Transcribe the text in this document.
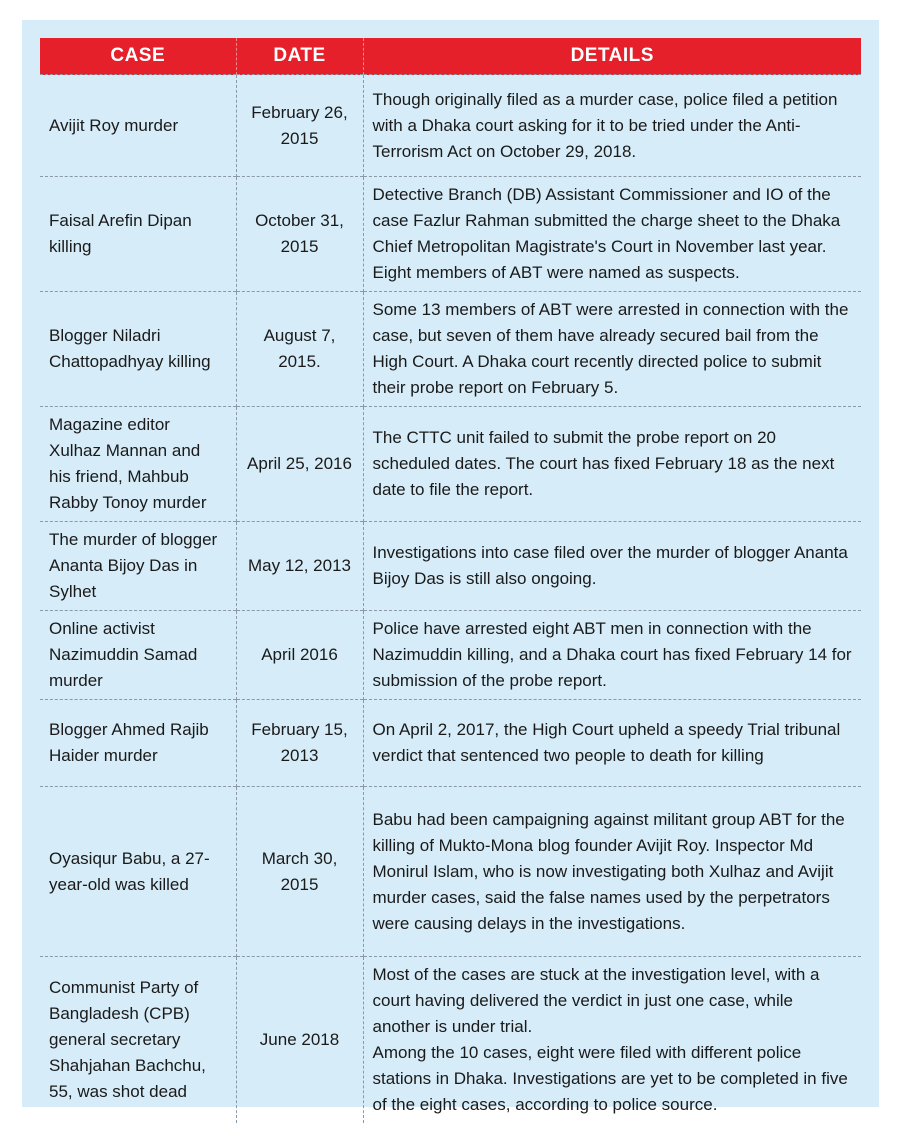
CASE	DATE	DETAILS
Avijit Roy murder	February 26, 2015	Though originally filed as a murder case, police filed a petition with a Dhaka court asking for it to be tried under the Anti-Terrorism Act on October 29, 2018.
Faisal Arefin Dipan killing	October 31, 2015	Detective Branch (DB) Assistant Commissioner and IO of the case Fazlur Rahman submitted the charge sheet to the Dhaka Chief Metropolitan Magistrate's Court in November last year. Eight members of ABT were named as suspects.
Blogger Niladri Chattopadhyay killing	August 7, 2015.	Some 13 members of ABT were arrested in connection with the case, but seven of them have already secured bail from the High Court. A Dhaka court recently directed police to submit their probe report on February 5.
Magazine editor Xulhaz Mannan and his friend, Mahbub Rabby Tonoy murder	April 25, 2016	The CTTC unit failed to submit the probe report on 20 scheduled dates. The court has fixed February 18 as the next date to file the report.
The murder of blogger Ananta Bijoy Das in Sylhet	May 12, 2013	Investigations into case filed over the murder of blogger Ananta Bijoy Das is still also ongoing.
Online activist Nazimuddin Samad murder	April 2016	Police have arrested eight ABT men in connection with the Nazimuddin killing, and a Dhaka court has fixed February 14 for submission of the probe report.
Blogger Ahmed Rajib Haider murder	February 15, 2013	On April 2, 2017, the High Court upheld a speedy Trial tribunal verdict that sentenced two people to death for killing
Oyasiqur Babu, a 27-year-old was killed	March 30, 2015	Babu had been campaigning against militant group ABT for the killing of Mukto-Mona blog founder Avijit Roy. Inspector Md Monirul Islam, who is now investigating both Xulhaz and Avijit murder cases, said the false names used by the perpetrators were causing delays in the investigations.
Communist Party of Bangladesh (CPB) general secretary Shahjahan Bachchu, 55, was shot dead	June 2018	Most of the cases are stuck at the investigation level, with a court having delivered the verdict in just one case, while another is under trial.
Among the 10 cases, eight were filed with different police stations in Dhaka. Investigations are yet to be completed in five of the eight cases, according to police source.
